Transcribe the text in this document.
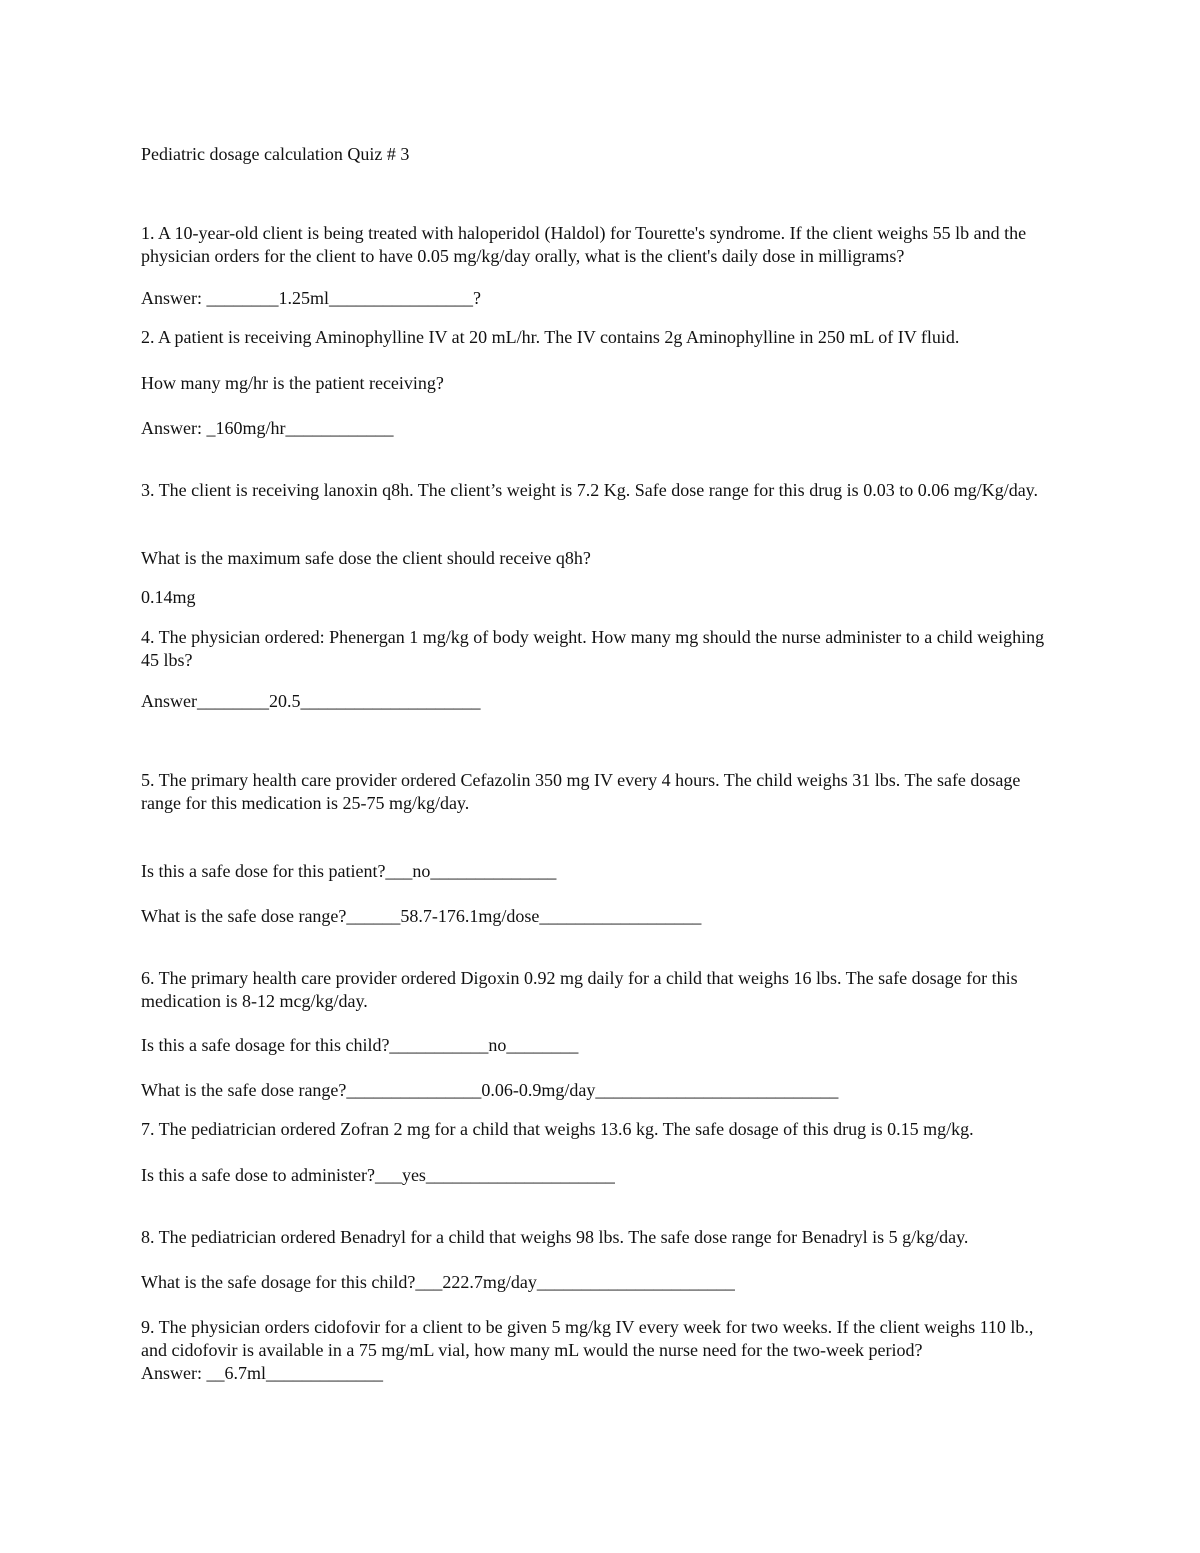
Pediatric dosage calculation Quiz # 3
1. A 10-year-old client is being treated with haloperidol (Haldol) for Tourette's syndrome. If the client weighs 55 lb and the physician orders for the client to have 0.05 mg/kg/day orally, what is the client's daily dose in milligrams?
Answer: ________1.25ml________________?
2. A patient is receiving Aminophylline IV at 20 mL/hr. The IV contains 2g Aminophylline in 250 mL of IV fluid.
How many mg/hr is the patient receiving?
Answer: _160mg/hr____________
3. The client is receiving lanoxin q8h. The client’s weight is 7.2 Kg. Safe dose range for this drug is 0.03 to 0.06 mg/Kg/day.
What is the maximum safe dose the client should receive q8h?
0.14mg
4. The physician ordered: Phenergan 1 mg/kg of body weight. How many mg should the nurse administer to a child weighing 45 lbs?
Answer________20.5____________________
5. The primary health care provider ordered Cefazolin 350 mg IV every 4 hours. The child weighs 31 lbs. The safe dosage range for this medication is 25-75 mg/kg/day.
Is this a safe dose for this patient?___no______________
What is the safe dose range?______58.7-176.1mg/dose__________________
6. The primary health care provider ordered Digoxin 0.92 mg daily for a child that weighs 16 lbs. The safe dosage for this medication is 8-12 mcg/kg/day.
Is this a safe dosage for this child?___________no________
What is the safe dose range?_______________0.06-0.9mg/day___________________________
7. The pediatrician ordered Zofran 2 mg for a child that weighs 13.6 kg. The safe dosage of this drug is 0.15 mg/kg.
Is this a safe dose to administer?___yes_____________________
8. The pediatrician ordered Benadryl for a child that weighs 98 lbs. The safe dose range for Benadryl is 5 g/kg/day.
What is the safe dosage for this child?___222.7mg/day______________________
9. The physician orders cidofovir for a client to be given 5 mg/kg IV every week for two weeks. If the client weighs 110 lb., and cidofovir is available in a 75 mg/mL vial, how many mL would the nurse need for the two-week period?
Answer: __6.7ml_____________
